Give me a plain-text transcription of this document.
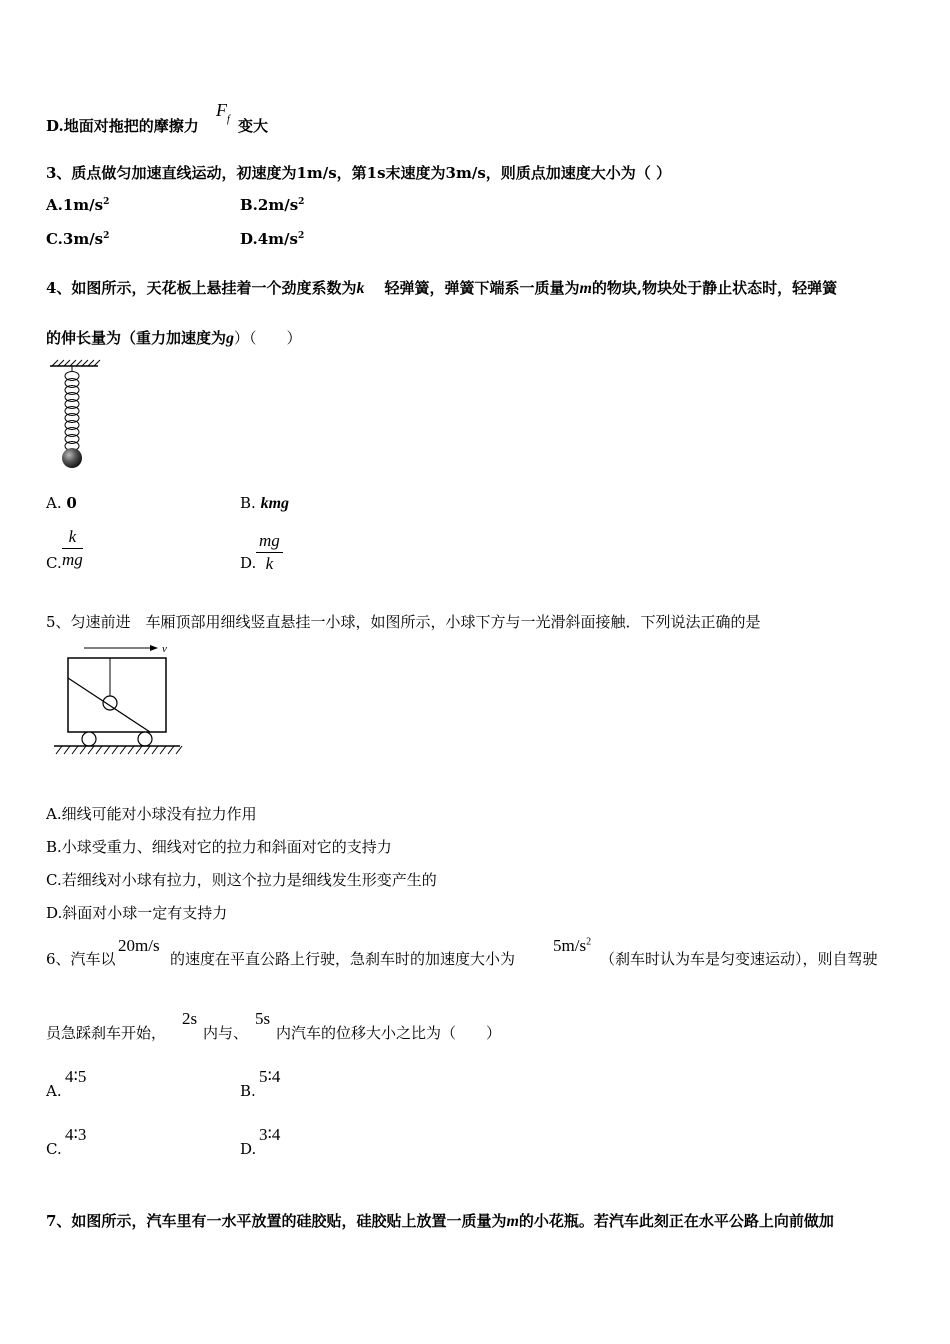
D.地面对拖把的摩擦力
$F_f$ 变大
3、质点做匀加速直线运动，初速度为1m/s，第1s末速度为3m/s，则质点加速度大小为（ ）
$A.1m/s^2$	$B.2m/s^2$
$C.3m/s^2$	$D.4m/s^2$
4、如图所示，天花板上悬挂着一个劲度系数为k 轻弹簧，弹簧下端系一质量为m的物块,物块处于静止状态时，轻弹簧
的伸长量为（重力加速度为g）（　　）
A. 0	B. kmg
C. $\frac{k}{mg}$	D. $\frac{mg}{k}$
5、匀速前进　车厢顶部用细线竖直悬挂一小球，如图所示，小球下方与一光滑斜面接触．下列说法正确的是
v
A.细线可能对小球没有拉力作用
B.小球受重力、细线对它的拉力和斜面对它的支持力
C.若细线对小球有拉力，则这个拉力是细线发生形变产生的
D.斜面对小球一定有支持力
6、汽车以
20m/s
的速度在平直公路上行驶，急刹车时的加速度大小为
$5m/s^2$
（刹车时认为车是匀变速运动），则自驾驶
员急踩刹车开始，
2s
内与、
5s
内汽车的位移大小之比为（　　）
A.
4∶5
B.
5∶4
C.
4∶3
D.
3∶4
7、如图所示，汽车里有一水平放置的硅胶贴，硅胶贴上放置一质量为m的小花瓶。若汽车此刻正在水平公路上向前做加
